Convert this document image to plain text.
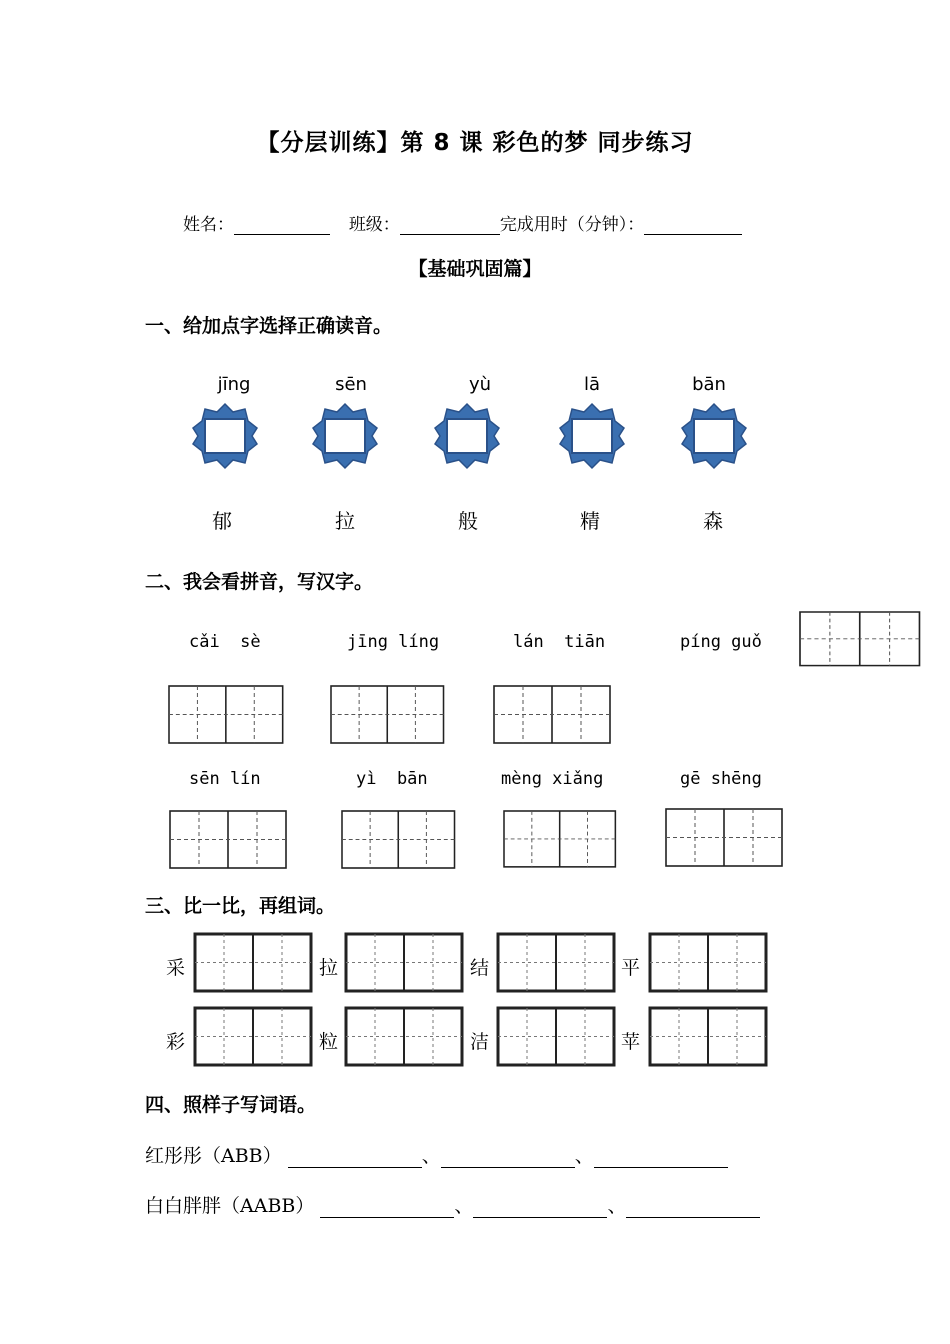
【分层训练】第 8 课 彩色的梦 同步练习
姓名：	班级：	完成用时（分钟）：
【基础巩固篇】
一、给加点字选择正确读音。
jīng	sēn	yù	lā	bān
郁	拉	般	精	森
二、我会看拼音，写汉字。
cǎi  sè	jīng líng	lán  tiān	píng guǒ
sēn lín	yì  bān	mèng xiǎng	gē shēng
三、比一比，再组词。
采	拉	结	平
彩	粒	洁	苹
四、照样子写词语。
红彤彤（ABB）	、	、
白白胖胖（AABB）	、	、
